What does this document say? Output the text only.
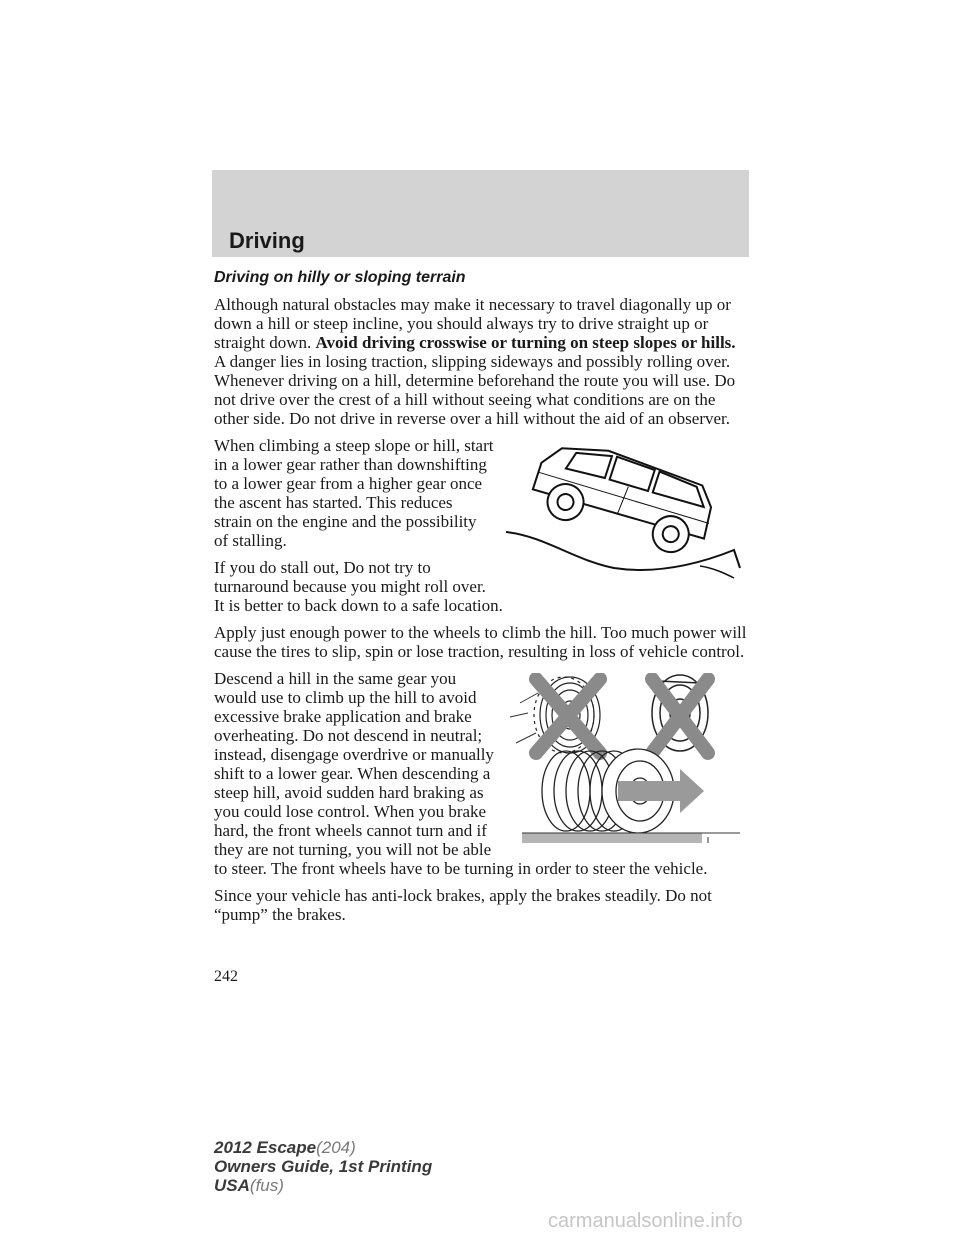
Driving
Driving on hilly or sloping terrain

Although natural obstacles may make it necessary to travel diagonally up or down a hill or steep incline, you should always try to drive straight up or straight down. Avoid driving crosswise or turning on steep slopes or hills. A danger lies in losing traction, slipping sideways and possibly rolling over. Whenever driving on a hill, determine beforehand the route you will use. Do not drive over the crest of a hill without seeing what conditions are on the other side. Do not drive in reverse over a hill without the aid of an observer.

When climbing a steep slope or hill, start in a lower gear rather than downshifting to a lower gear from a higher gear once the ascent has started. This reduces strain on the engine and the possibility of stalling.

If you do stall out, Do not try to turnaround because you might roll over. It is better to back down to a safe location.

Apply just enough power to the wheels to climb the hill. Too much power will cause the tires to slip, spin or lose traction, resulting in loss of vehicle control.

Descend a hill in the same gear you would use to climb up the hill to avoid excessive brake application and brake overheating. Do not descend in neutral; instead, disengage overdrive or manually shift to a lower gear. When descending a steep hill, avoid sudden hard braking as you could lose control. When you brake hard, the front wheels cannot turn and if they are not turning, you will not be able to steer. The front wheels have to be turning in order to steer the vehicle.

Since your vehicle has anti-lock brakes, apply the brakes steadily. Do not “pump” the brakes.

242
2012 Escape(204)
Owners Guide, 1st Printing
USA(fus)
carmanualsonline.info
